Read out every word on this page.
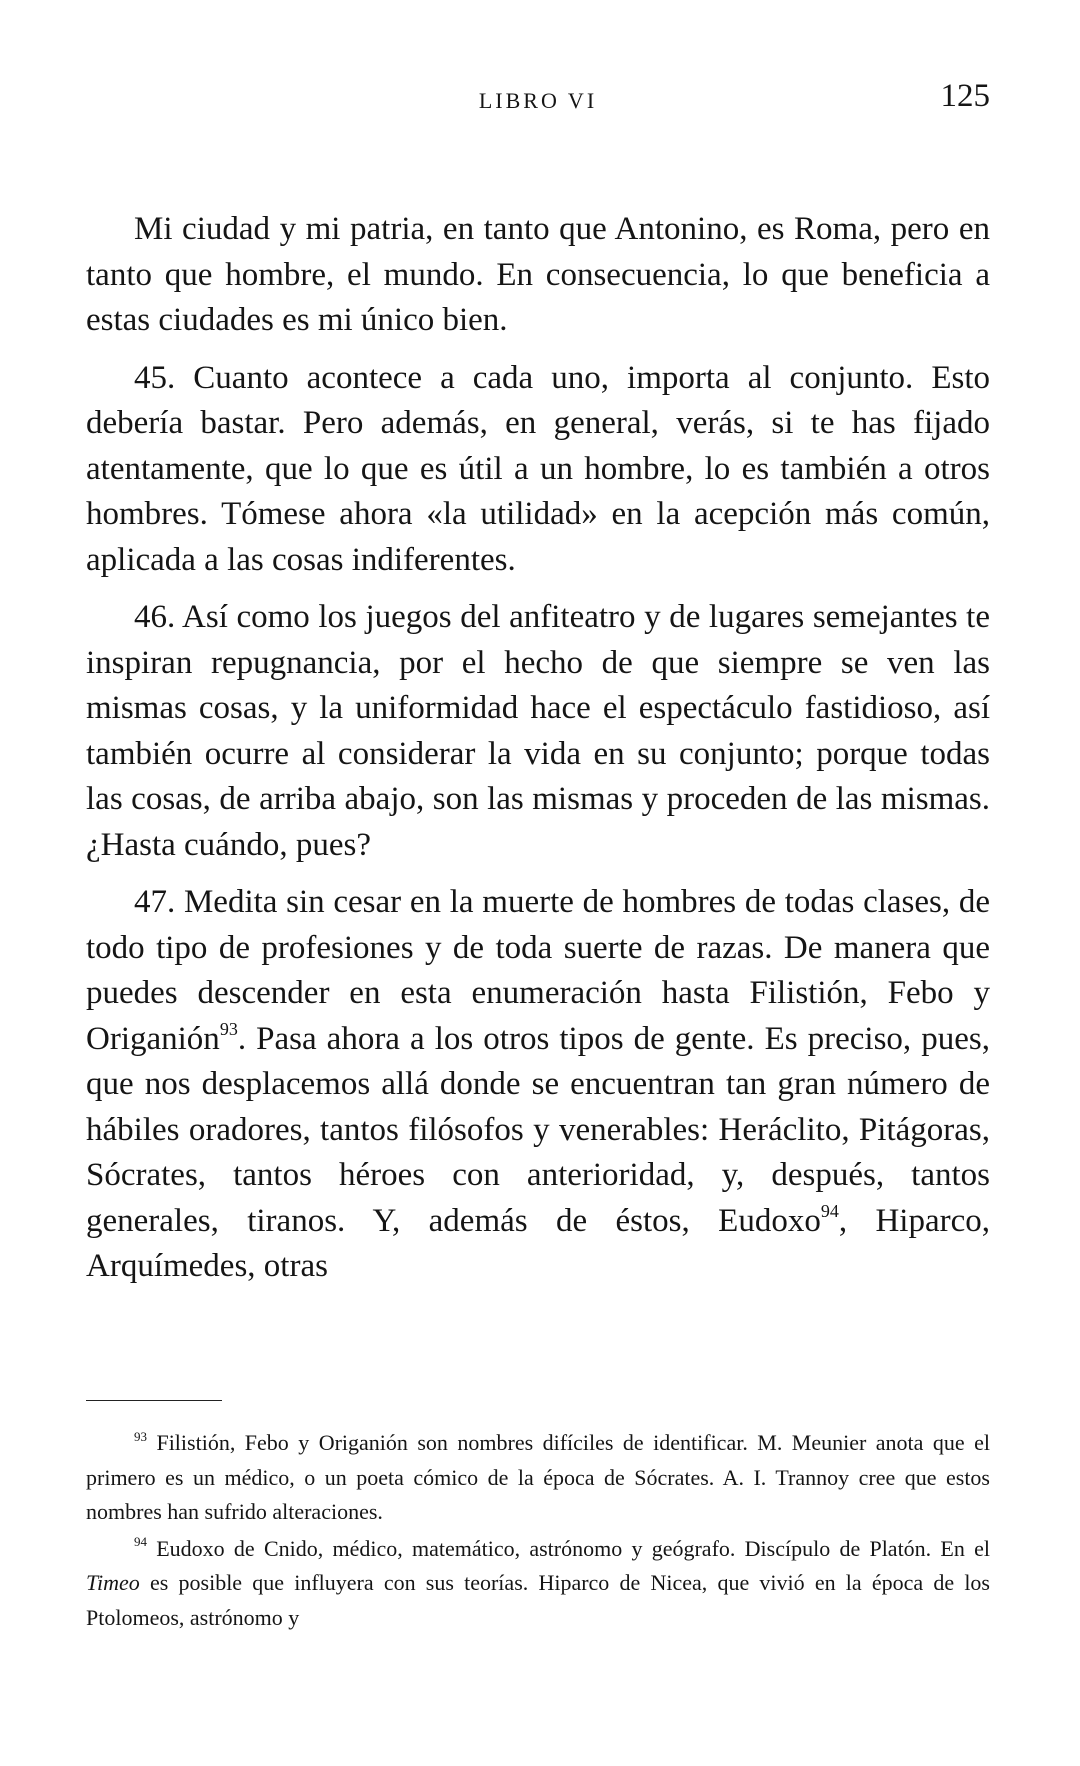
LIBRO VI	125

Mi ciudad y mi patria, en tanto que Antonino, es Roma, pero en tanto que hombre, el mundo. En consecuencia, lo que beneficia a estas ciudades es mi único bien.

45. Cuanto acontece a cada uno, importa al conjunto. Esto debería bastar. Pero además, en general, verás, si te has fijado atentamente, que lo que es útil a un hombre, lo es también a otros hombres. Tómese ahora «la utilidad» en la acepción más común, aplicada a las cosas indiferentes.

46. Así como los juegos del anfiteatro y de lugares semejantes te inspiran repugnancia, por el hecho de que siempre se ven las mismas cosas, y la uniformidad hace el espectáculo fastidioso, así también ocurre al considerar la vida en su conjunto; porque todas las cosas, de arriba abajo, son las mismas y proceden de las mismas. ¿Hasta cuándo, pues?

47. Medita sin cesar en la muerte de hombres de todas clases, de todo tipo de profesiones y de toda suerte de razas. De manera que puedes descender en esta enumeración hasta Filistión, Febo y Origanión$^{93}$. Pasa ahora a los otros tipos de gente. Es preciso, pues, que nos desplacemos allá donde se encuentran tan gran número de hábiles oradores, tantos filósofos y venerables: Heráclito, Pitágoras, Sócrates, tantos héroes con anterioridad, y, después, tantos generales, tiranos. Y, además de éstos, Eudoxo$^{94}$, Hiparco, Arquímedes, otras

$^{93}$ Filistión, Febo y Origanión son nombres difíciles de identificar. M. Meunier anota que el primero es un médico, o un poeta cómico de la época de Sócrates. A. I. Trannoy cree que estos nombres han sufrido alteraciones.

$^{94}$ Eudoxo de Cnido, médico, matemático, astrónomo y geógrafo. Discípulo de Platón. En el Timeo es posible que influyera con sus teorías. Hiparco de Nicea, que vivió en la época de los Ptolomeos, astrónomo y
